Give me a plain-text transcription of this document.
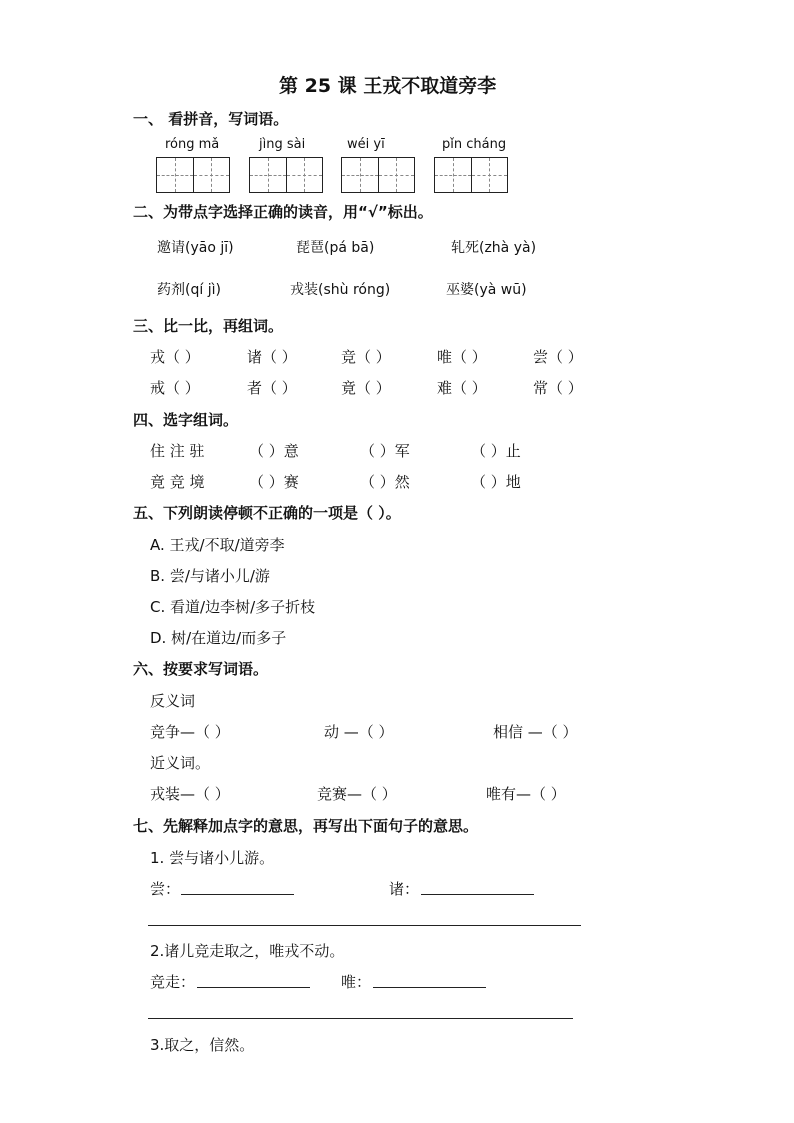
第 25 课 王戎不取道旁李
一、 看拼音，写词语。
róng mǎ	jìng sài	wéi yī	pǐn cháng
二、为带点字选择正确的读音，用“√”标出。
邀请(yāo jī)	琵琶(pá bā)	轧死(zhà yà)
药剂(qí jì)	戎装(shù róng)	巫婆(yà wū)
三、比一比，再组词。
戎（ ）	诸（ ）	竞（ ）	唯（ ）	尝（ ）
戒（ ）	者（ ）	竟（ ）	难（ ）	常（ ）
四、选字组词。
住 注 驻	（ ）意	（ ）军	（ ）止
竟 竞 境	（ ）赛	（ ）然	（ ）地
五、下列朗读停顿不正确的一项是（ ）。
A. 王戎/不取/道旁李
B. 尝/与诸小儿/游
C. 看道/边李树/多子折枝
D. 树/在道边/而多子
六、按要求写词语。
反义词
竞争—（ ）	动 —（ ）	相信 —（ ）
近义词。
戎装—（ ）	竞赛—（ ）	唯有—（ ）
七、先解释加点字的意思，再写出下面句子的意思。
1. 尝与诸小儿游。
尝：	诸：
2.诸儿竞走取之，唯戎不动。
竞走：	唯：
3.取之，信然。
